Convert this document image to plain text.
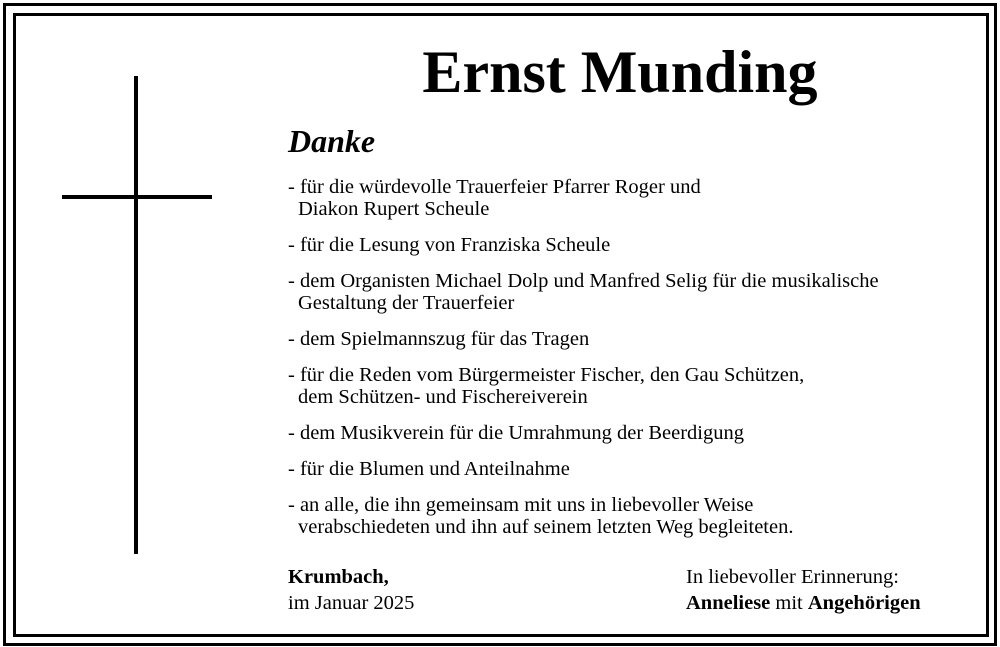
Ernst Munding
Danke
- für die würdevolle Trauerfeier Pfarrer Roger und
Diakon Rupert Scheule
- für die Lesung von Franziska Scheule
- dem Organisten Michael Dolp und Manfred Selig für die musikalische
Gestaltung der Trauerfeier
- dem Spielmannszug für das Tragen
- für die Reden vom Bürgermeister Fischer, den Gau Schützen,
dem Schützen- und Fischereiverein
- dem Musikverein für die Umrahmung der Beerdigung
- für die Blumen und Anteilnahme
- an alle, die ihn gemeinsam mit uns in liebevoller Weise
verabschiedeten und ihn auf seinem letzten Weg begleiteten.
Krumbach,
im Januar 2025
In liebevoller Erinnerung:
Anneliese mit Angehörigen
